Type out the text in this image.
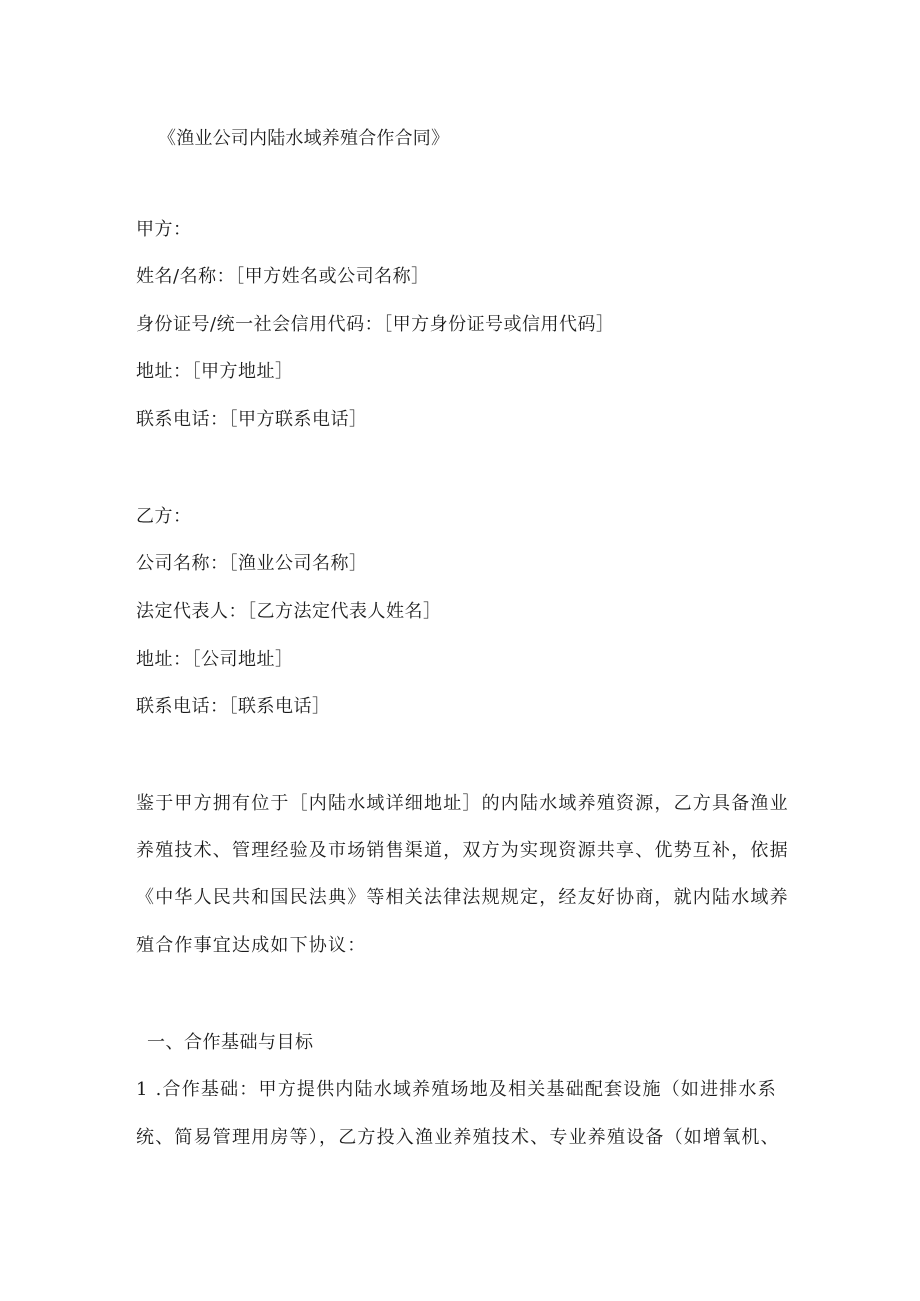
《渔业公司内陆水域养殖合作合同》
甲方：
姓名/名称：［甲方姓名或公司名称］
身份证号/统一社会信用代码：［甲方身份证号或信用代码］
地址：［甲方地址］
联系电话：［甲方联系电话］
乙方：
公司名称：［渔业公司名称］
法定代表人：［乙方法定代表人姓名］
地址：［公司地址］
联系电话：［联系电话］
鉴于甲方拥有位于［内陆水域详细地址］的内陆水域养殖资源，乙方具备渔业
养殖技术、管理经验及市场销售渠道，双方为实现资源共享、优势互补，依据
《中华人民共和国民法典》等相关法律法规规定，经友好协商，就内陆水域养
殖合作事宜达成如下协议：
一、合作基础与目标
1 .合作基础：甲方提供内陆水域养殖场地及相关基础配套设施（如进排水系
统、简易管理用房等），乙方投入渔业养殖技术、专业养殖设备（如增氧机、
